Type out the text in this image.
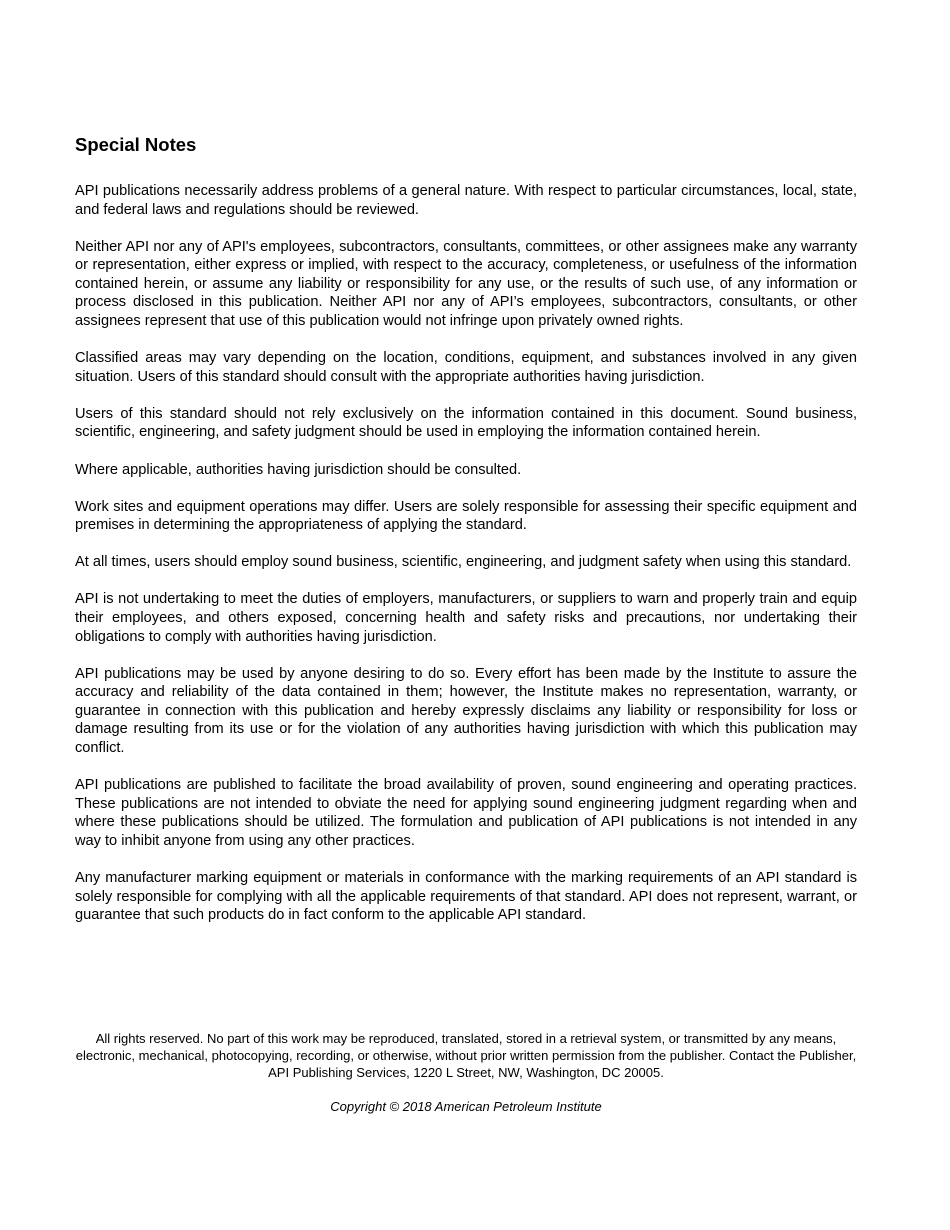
Special Notes

API publications necessarily address problems of a general nature. With respect to particular circumstances, local, state, and federal laws and regulations should be reviewed.

Neither API nor any of API's employees, subcontractors, consultants, committees, or other assignees make any warranty or representation, either express or implied, with respect to the accuracy, completeness, or usefulness of the information contained herein, or assume any liability or responsibility for any use, or the results of such use, of any information or process disclosed in this publication. Neither API nor any of API’s employees, subcontractors, consultants, or other assignees represent that use of this publication would not infringe upon privately owned rights.

Classified areas may vary depending on the location, conditions, equipment, and substances involved in any given situation. Users of this standard should consult with the appropriate authorities having jurisdiction.

Users of this standard should not rely exclusively on the information contained in this document. Sound business, scientific, engineering, and safety judgment should be used in employing the information contained herein.

Where applicable, authorities having jurisdiction should be consulted.

Work sites and equipment operations may differ. Users are solely responsible for assessing their specific equipment and premises in determining the appropriateness of applying the standard.

At all times, users should employ sound business, scientific, engineering, and judgment safety when using this standard.

API is not undertaking to meet the duties of employers, manufacturers, or suppliers to warn and properly train and equip their employees, and others exposed, concerning health and safety risks and precautions, nor undertaking their obligations to comply with authorities having jurisdiction.

API publications may be used by anyone desiring to do so. Every effort has been made by the Institute to assure the accuracy and reliability of the data contained in them; however, the Institute makes no representation, warranty, or guarantee in connection with this publication and hereby expressly disclaims any liability or responsibility for loss or damage resulting from its use or for the violation of any authorities having jurisdiction with which this publication may conflict.

API publications are published to facilitate the broad availability of proven, sound engineering and operating practices. These publications are not intended to obviate the need for applying sound engineering judgment regarding when and where these publications should be utilized. The formulation and publication of API publications is not intended in any way to inhibit anyone from using any other practices.

Any manufacturer marking equipment or materials in conformance with the marking requirements of an API standard is solely responsible for complying with all the applicable requirements of that standard. API does not represent, warrant, or guarantee that such products do in fact conform to the applicable API standard.

All rights reserved. No part of this work may be reproduced, translated, stored in a retrieval system, or transmitted by any means, electronic, mechanical, photocopying, recording, or otherwise, without prior written permission from the publisher. Contact the Publisher, API Publishing Services, 1220 L Street, NW, Washington, DC 20005.

Copyright © 2018 American Petroleum Institute
